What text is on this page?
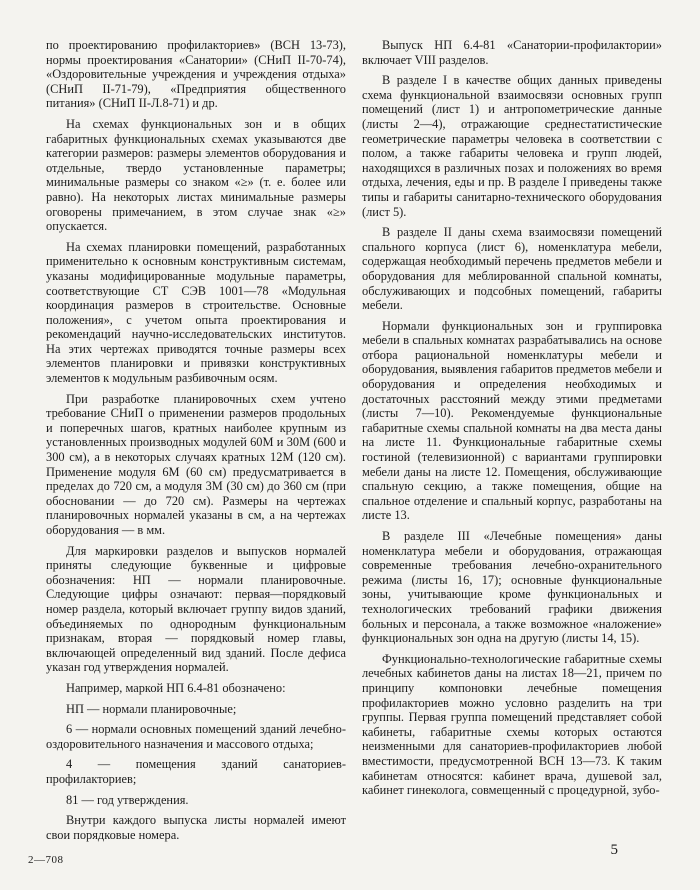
по проектированию профилакториев» (ВСН 13-73), нормы проектирования «Санатории» (СНиП II-70-74), «Оздоровительные учреждения и учреждения отдыха» (СНиП II-71-79), «Предприятия общественного питания» (СНиП II-Л.8-71) и др.

На схемах функциональных зон и в общих габаритных функциональных схемах указываются две категории размеров: размеры элементов оборудования и отдельные, твердо установленные параметры; минимальные размеры со знаком «≥» (т. е. более или равно). На некоторых листах минимальные размеры оговорены примечанием, в этом случае знак «≥» опускается.

На схемах планировки помещений, разработанных применительно к основным конструктивным системам, указаны модифицированные модульные параметры, соответствующие СТ СЭВ 1001—78 «Модульная координация размеров в строительстве. Основные положения», с учетом опыта проектирования и рекомендаций научно-исследовательских институтов. На этих чертежах приводятся точные размеры всех элементов планировки и привязки конструктивных элементов к модульным разбивочным осям.

При разработке планировочных схем учтено требование СНиП о применении размеров продольных и поперечных шагов, кратных наиболее крупным из установленных производных модулей 60М и 30М (600 и 300 см), а в некоторых случаях кратных 12М (120 см). Применение модуля 6М (60 см) предусматривается в пределах до 720 см, а модуля 3М (30 см) до 360 см (при обосновании — до 720 см). Размеры на чертежах планировочных нормалей указаны в см, а на чертежах оборудования — в мм.

Для маркировки разделов и выпусков нормалей приняты следующие буквенные и цифровые обозначения: НП — нормали планировочные. Следующие цифры означают: первая—порядковый номер раздела, который включает группу видов зданий, объединяемых по однородным функциональным признакам, вторая — порядковый номер главы, включающей определенный вид зданий. После дефиса указан год утверждения нормалей.

Например, маркой НП 6.4-81 обозначено:

НП — нормали планировочные;

6 — нормали основных помещений зданий лечебно-оздоровительного назначения и массового отдыха;

4 — помещения зданий санаториев-профилакториев;

81 — год утверждения.

Внутри каждого выпуска листы нормалей имеют свои порядковые номера.

Выпуск НП 6.4-81 «Санатории-профилактории» включает VIII разделов.

В разделе I в качестве общих данных приведены схема функциональной взаимосвязи основных групп помещений (лист 1) и антропометрические данные (листы 2—4), отражающие среднестатистические геометрические параметры человека в соответствии с полом, а также габариты человека и групп людей, находящихся в различных позах и положениях во время отдыха, лечения, еды и пр. В разделе I приведены также типы и габариты санитарно-технического оборудования (лист 5).

В разделе II даны схема взаимосвязи помещений спального корпуса (лист 6), номенклатура мебели, содержащая необходимый перечень предметов мебели и оборудования для меблированной спальной комнаты, обслуживающих и подсобных помещений, габариты мебели.

Нормали функциональных зон и группировка мебели в спальных комнатах разрабатывались на основе отбора рациональной номенклатуры мебели и оборудования, выявления габаритов предметов мебели и оборудования и определения необходимых и достаточных расстояний между этими предметами (листы 7—10). Рекомендуемые функциональные габаритные схемы спальной комнаты на два места даны на листе 11. Функциональные габаритные схемы гостиной (телевизионной) с вариантами группировки мебели даны на листе 12. Помещения, обслуживающие спальную секцию, а также помещения, общие на спальное отделение и спальный корпус, разработаны на листе 13.

В разделе III «Лечебные помещения» даны номенклатура мебели и оборудования, отражающая современные требования лечебно-охранительного режима (листы 16, 17); основные функциональные зоны, учитывающие кроме функциональных и технологических требований графики движения больных и персонала, а также возможное «наложение» функциональных зон одна на другую (листы 14, 15).

Функционально-технологические габаритные схемы лечебных кабинетов даны на листах 18—21, причем по принципу компоновки лечебные помещения профилакториев можно условно разделить на три группы. Первая группа помещений представляет собой кабинеты, габаритные схемы которых остаются неизменными для санаториев-профилакториев любой вместимости, предусмотренной ВСН 13—73. К таким кабинетам относятся: кабинет врача, душевой зал, кабинет гинеколога, совмещенный с процедурной, зубо-

2—708
5
